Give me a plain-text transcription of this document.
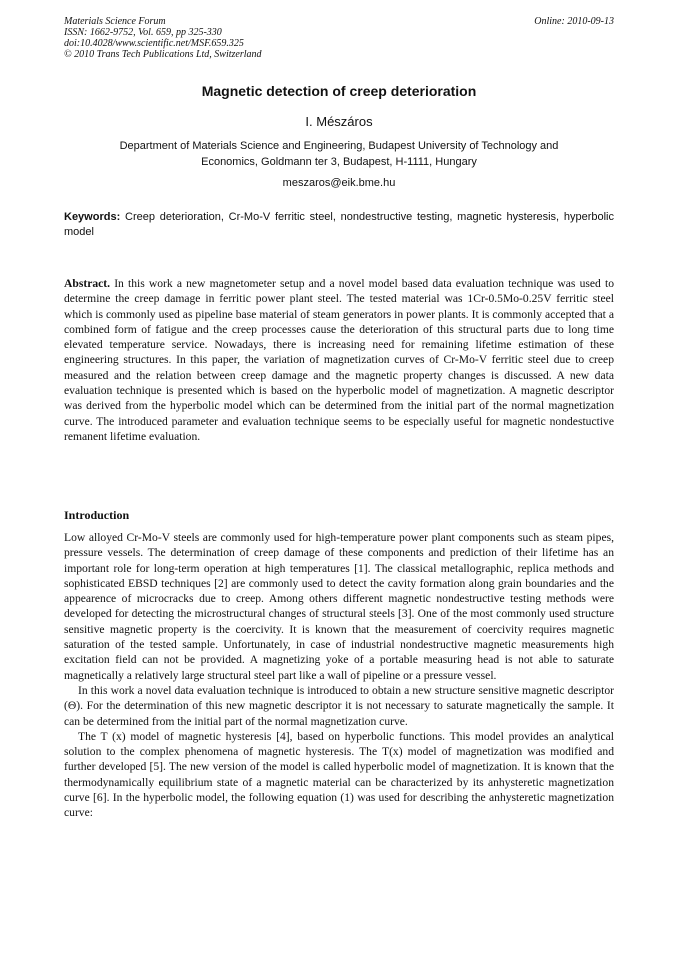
Materials Science Forum
ISSN: 1662-9752, Vol. 659, pp 325-330
doi:10.4028/www.scientific.net/MSF.659.325
© 2010 Trans Tech Publications Ltd, Switzerland
Online: 2010-09-13
Magnetic detection of creep deterioration
I. Mészáros
Department of Materials Science and Engineering, Budapest University of Technology and
Economics, Goldmann ter 3, Budapest, H-1111, Hungary
meszaros@eik.bme.hu
Keywords: Creep deterioration, Cr-Mo-V ferritic steel, nondestructive testing, magnetic hysteresis, hyperbolic model
Abstract. In this work a new magnetometer setup and a novel model based data evaluation technique was used to determine the creep damage in ferritic power plant steel. The tested material was 1Cr-0.5Mo-0.25V ferritic steel which is commonly used as pipeline base material of steam generators in power plants. It is commonly accepted that a combined form of fatigue and the creep processes cause the deterioration of this structural parts due to long time elevated temperature service. Nowadays, there is increasing need for remaining lifetime estimation of these engineering structures. In this paper, the variation of magnetization curves of Cr-Mo-V ferritic steel due to creep measured and the relation between creep damage and the magnetic property changes is discussed. A new data evaluation technique is presented which is based on the hyperbolic model of magnetization. A magnetic descriptor was derived from the hyperbolic model which can be determined from the initial part of the normal magnetization curve. The introduced parameter and evaluation technique seems to be especially useful for magnetic nondestuctive remanent lifetime evaluation.
Introduction

Low alloyed Cr-Mo-V steels are commonly used for high-temperature power plant components such as steam pipes, pressure vessels. The determination of creep damage of these components and prediction of their lifetime has an important role for long-term operation at high temperatures [1]. The classical metallographic, replica methods and sophisticated EBSD techniques [2] are commonly used to detect the cavity formation along grain boundaries and the appearence of microcracks due to creep. Among others different magnetic nondestructive testing methods were developed for detecting the microstructural changes of structural steels [3]. One of the most commonly used structure sensitive magnetic property is the coercivity. It is known that the measurement of coercivity requires magnetic saturation of the tested sample. Unfortunately, in case of industrial nondestructive magnetic measurements high excitation field can not be provided. A magnetizing yoke of a portable measuring head is not able to saturate magnetically a relatively large structural steel part like a wall of pipeline or a pressure vessel.

In this work a novel data evaluation technique is introduced to obtain a new structure sensitive magnetic descriptor (Θ). For the determination of this new magnetic descriptor it is not necessary to saturate magnetically the sample. It can be determined from the initial part of the normal magnetization curve.

The T (x) model of magnetic hysteresis [4], based on hyperbolic functions. This model provides an analytical solution to the complex phenomena of magnetic hysteresis. The T(x) model of magnetization was modified and further developed [5]. The new version of the model is called hyperbolic model of magnetization. It is known that the thermodynamically equilibrium state of a magnetic material can be characterized by its anhysteretic magnetization curve [6]. In the hyperbolic model, the following equation (1) was used for describing the anhysteretic magnetization curve:
